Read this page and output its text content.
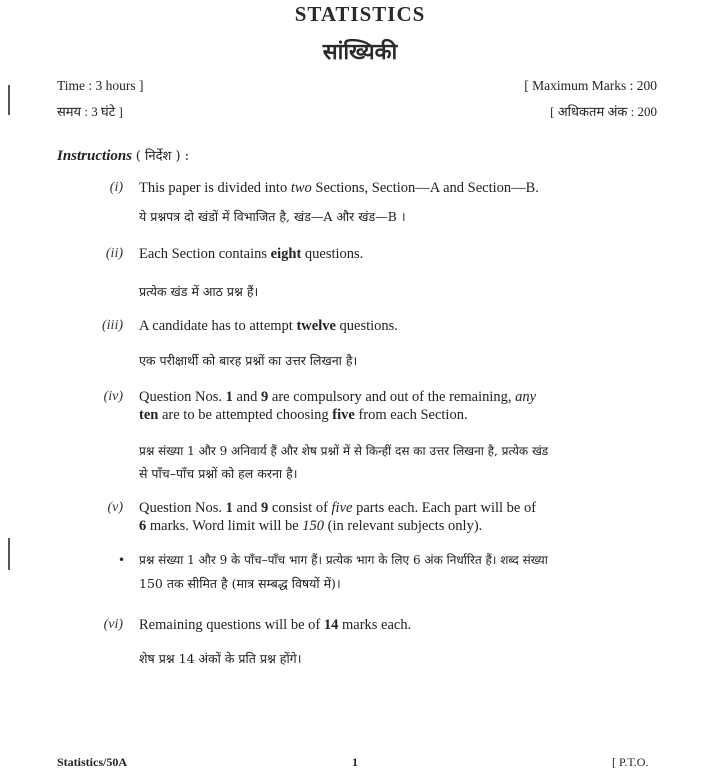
STATISTICS
सांख्यिकी
Time : 3 hours ]	[ Maximum Marks : 200
समय : 3 घंटे ]	[ अधिकतम अंक : 200
Instructions ( निर्देश ) :
(i) This paper is divided into two Sections, Section—A and Section—B.
ये प्रश्नपत्र दो खंडों में विभाजित है, खंड—A और खंड—B ।
(ii) Each Section contains eight questions.
प्रत्येक खंड में आठ प्रश्न हैं।
(iii) A candidate has to attempt twelve questions.
एक परीक्षार्थी को बारह प्रश्नों का उत्तर लिखना है।
(iv) Question Nos. 1 and 9 are compulsory and out of the remaining, any
ten are to be attempted choosing five from each Section.
प्रश्न संख्या 1 और 9 अनिवार्य हैं और शेष प्रश्नों में से किन्हीं दस का उत्तर लिखना है, प्रत्येक खंड
से पाँच–पाँच प्रश्नों को हल करना है।
(v) Question Nos. 1 and 9 consist of five parts each. Each part will be of
6 marks. Word limit will be 150 (in relevant subjects only).
• प्रश्न संख्या 1 और 9 के पाँच–पाँच भाग हैं। प्रत्येक भाग के लिए 6 अंक निर्धारित हैं। शब्द संख्या
150 तक सीमित है (मात्र सम्बद्ध विषयों में)।
(vi) Remaining questions will be of 14 marks each.
शेष प्रश्न 14 अंकों के प्रति प्रश्न होंगे।
Statistics/50A	1	[ P.T.O.
